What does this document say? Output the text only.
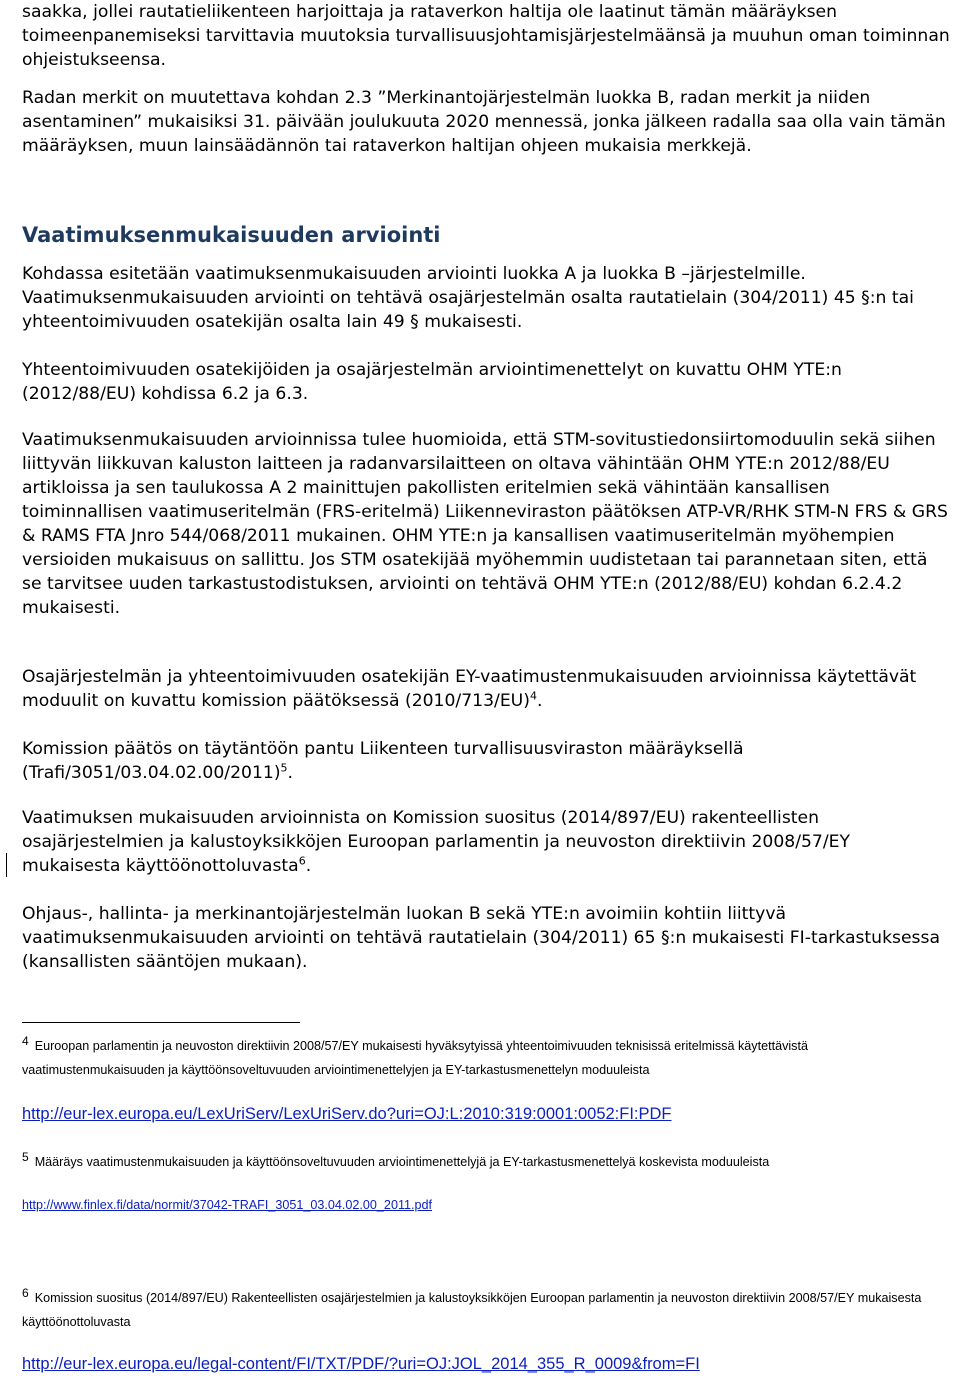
saakka, jollei rautatieliikenteen harjoittaja ja rataverkon haltija ole laatinut tämän määräyksen toimeenpanemiseksi tarvittavia muutoksia turvallisuusjohtamisjärjestelmäänsä ja muuhun oman toiminnan ohjeistukseensa.

Radan merkit on muutettava kohdan 2.3 ”Merkinantojärjestelmän luokka B, radan merkit ja niiden asentaminen” mukaisiksi 31. päivään joulukuuta 2020 mennessä, jonka jälkeen radalla saa olla vain tämän määräyksen, muun lainsäädännön tai rataverkon haltijan ohjeen mukaisia merkkejä.

Vaatimuksenmukaisuuden arviointi

Kohdassa esitetään vaatimuksenmukaisuuden arviointi luokka A ja luokka B –järjestelmille. Vaatimuksenmukaisuuden arviointi on tehtävä osajärjestelmän osalta rautatielain (304/2011) 45 §:n tai yhteentoimivuuden osatekijän osalta lain 49 § mukaisesti.

Yhteentoimivuuden osatekijöiden ja osajärjestelmän arviointimenettelyt on kuvattu OHM YTE:n (2012/88/EU) kohdissa 6.2 ja 6.3.

Vaatimuksenmukaisuuden arvioinnissa tulee huomioida, että STM-sovitustiedonsiirtomoduulin sekä siihen liittyvän liikkuvan kaluston laitteen ja radanvarsilaitteen on oltava vähintään OHM YTE:n 2012/88/EU artikloissa ja sen taulukossa A 2 mainittujen pakollisten eritelmien sekä vähintään kansallisen toiminnallisen vaatimuseritelmän (FRS-eritelmä) Liikenneviraston päätöksen ATP-VR/RHK STM-N FRS & GRS & RAMS FTA Jnro 544/068/2011 mukainen. OHM YTE:n ja kansallisen vaatimuseritelmän myöhempien versioiden mukaisuus on sallittu. Jos STM osatekijää myöhemmin uudistetaan tai parannetaan siten, että se tarvitsee uuden tarkastustodistuksen, arviointi on tehtävä OHM YTE:n (2012/88/EU) kohdan 6.2.4.2 mukaisesti.

Osajärjestelmän ja yhteentoimivuuden osatekijän EY-vaatimustenmukaisuuden arvioinnissa käytettävät moduulit on kuvattu komission päätöksessä $(2010/713/EU)^4$.

Komission päätös on täytäntöön pantu Liikenteen turvallisuusviraston määräyksellä (Trafi/3051/03.04.02.00/2011)$^5$.

Vaatimuksen mukaisuuden arvioinnista on Komission suositus (2014/897/EU) rakenteellisten osajärjestelmien ja kalustoyksikköjen Euroopan parlamentin ja neuvoston direktiivin 2008/57/EY mukaisesta käyttöönottoluvasta$^6$.

Ohjaus-, hallinta- ja merkinantojärjestelmän luokan B sekä YTE:n avoimiin kohtiin liittyvä vaatimuksenmukaisuuden arviointi on tehtävä rautatielain (304/2011) 65 §:n mukaisesti FI-tarkastuksessa (kansallisten sääntöjen mukaan).

4 Euroopan parlamentin ja neuvoston direktiivin 2008/57/EY mukaisesti hyväksytyissä yhteentoimivuuden teknisissä eritelmissä käytettävistä vaatimustenmukaisuuden ja käyttöönsoveltuvuuden arviointimenettelyjen ja EY-tarkastusmenettelyn moduuleista

http://eur-lex.europa.eu/LexUriServ/LexUriServ.do?uri=OJ:L:2010:319:0001:0052:FI:PDF

5 Määräys vaatimustenmukaisuuden ja käyttöönsoveltuvuuden arviointimenettelyjä ja EY-tarkastusmenettelyä koskevista moduuleista

http://www.finlex.fi/data/normit/37042-TRAFI_3051_03.04.02.00_2011.pdf

6 Komission suositus (2014/897/EU) Rakenteellisten osajärjestelmien ja kalustoyksikköjen Euroopan parlamentin ja neuvoston direktiivin 2008/57/EY mukaisesta käyttöönottoluvasta

http://eur-lex.europa.eu/legal-content/FI/TXT/PDF/?uri=OJ:JOL_2014_355_R_0009&from=FI
